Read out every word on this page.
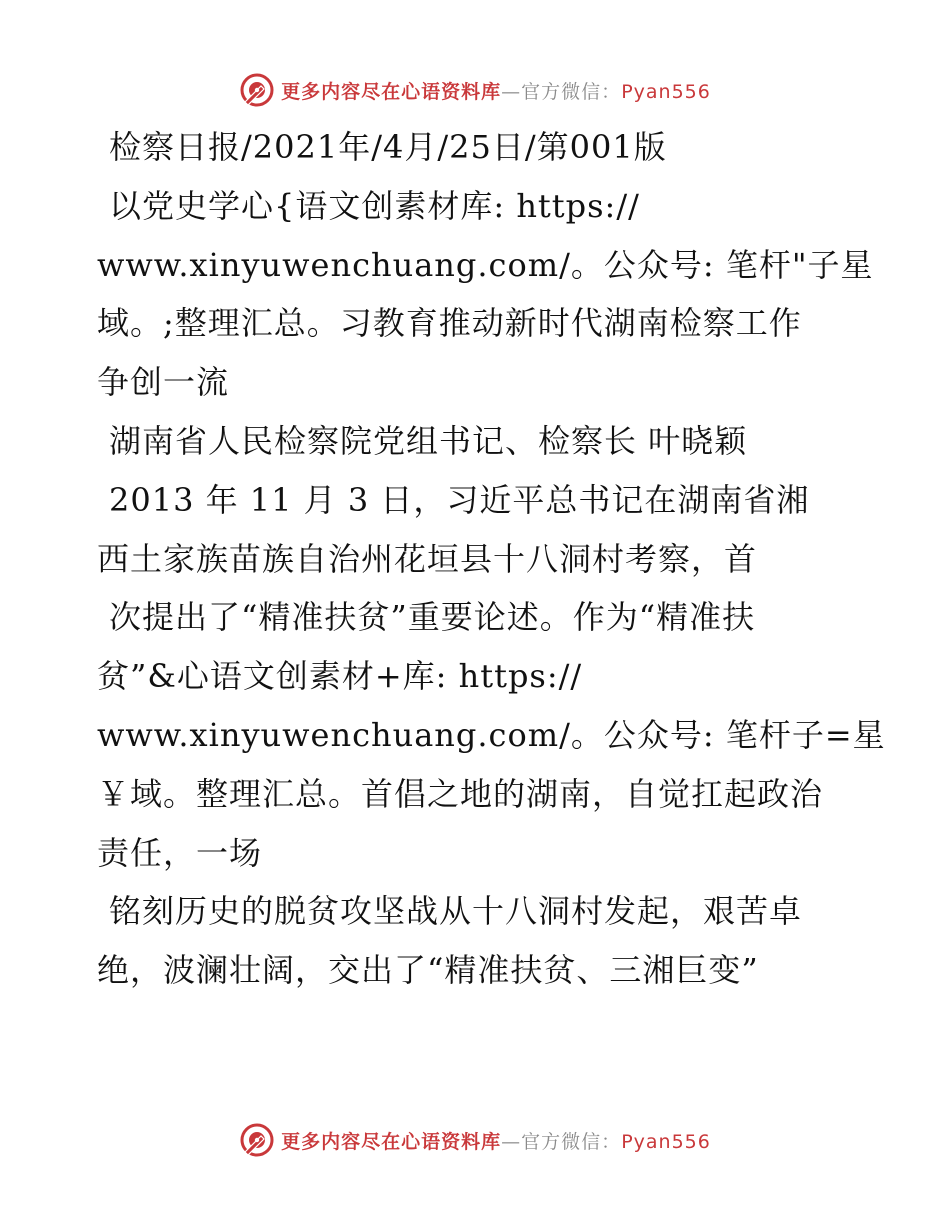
更多内容尽在心语资料库—官方微信：Pyan556

检察日报/2021年/4月/25日/第001版

以党史学心{语文创素材库: https://
www.xinyuwenchuang.com/。公众号: 笔杆"子星
域。;整理汇总。习教育推动新时代湖南检察工作
争创一流

湖南省人民检察院党组书记、检察长 叶晓颖

2013 年 11 月 3 日，习近平总书记在湖南省湘
西土家族苗族自治州花垣县十八洞村考察，首

次提出了“精准扶贫”重要论述。作为“精准扶
贫”&心语文创素材+库: https://
www.xinyuwenchuang.com/。公众号: 笔杆子=星
￥域。整理汇总。首倡之地的湖南，自觉扛起政治
责任，一场

铭刻历史的脱贫攻坚战从十八洞村发起，艰苦卓
绝，波澜壮阔，交出了“精准扶贫、三湘巨变”

更多内容尽在心语资料库—官方微信：Pyan556
